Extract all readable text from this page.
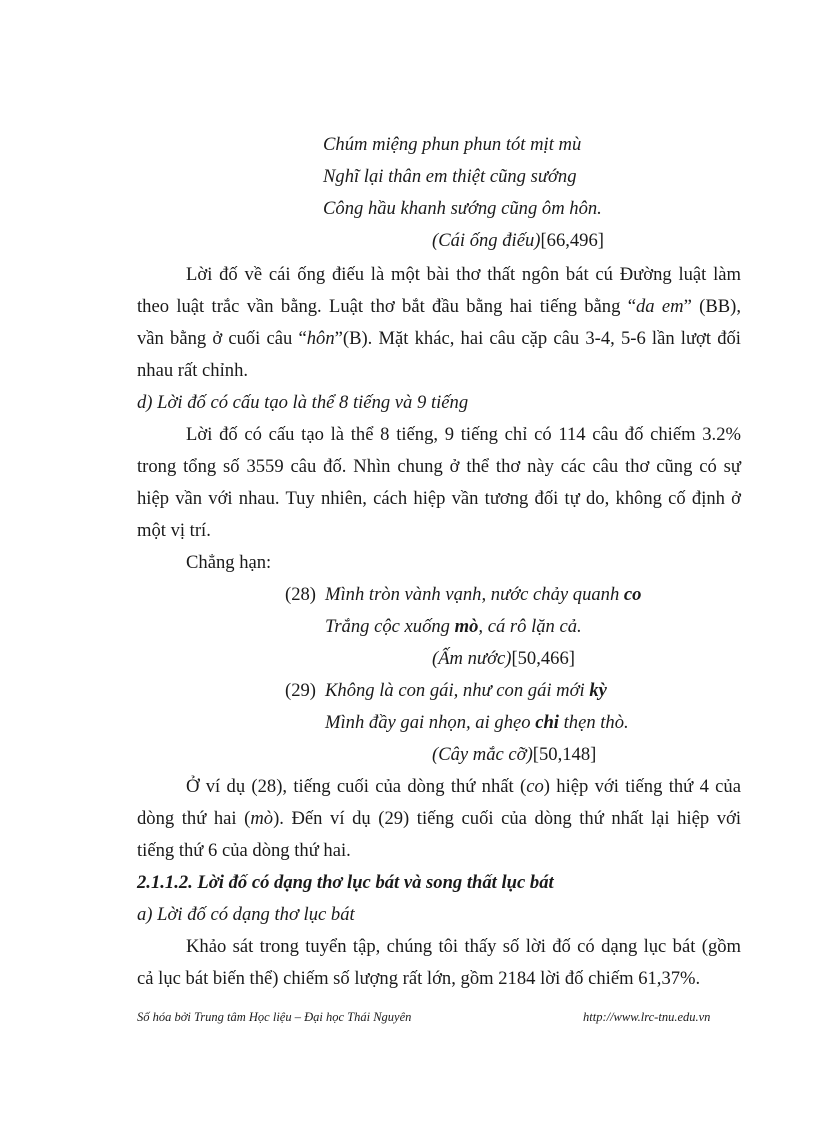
Chúm miệng phun phun tót mịt mù
Nghĩ lại thân em thiệt cũng sướng
Công hầu khanh sướng cũng ôm hôn.
(Cái ống điếu)[66,496]
Lời đố về cái ống điếu là một bài thơ thất ngôn bát cú Đường luật làm
theo luật trắc vần bằng. Luật thơ bắt đầu bằng hai tiếng bằng “da em” (BB),
vần bằng ở cuối câu “hôn”(B). Mặt khác, hai câu cặp câu 3-4, 5-6 lần lượt đối
nhau rất chỉnh.
d) Lời đố có cấu tạo là thể 8 tiếng và 9 tiếng
Lời đố có cấu tạo là thể 8 tiếng, 9 tiếng chỉ có 114 câu đố chiếm 3.2%
trong tổng số 3559 câu đố. Nhìn chung ở thể thơ này các câu thơ cũng có sự
hiệp vần với nhau. Tuy nhiên, cách hiệp vần tương đối tự do, không cố định ở
một vị trí.
Chẳng hạn:
(28) Mình tròn vành vạnh, nước chảy quanh co
Trắng cộc xuống mò, cá rô lặn cả.
(Ấm nước)[50,466]
(29) Không là con gái, như con gái mới kỳ
Mình đầy gai nhọn, ai ghẹo chi thẹn thò.
(Cây mắc cỡ)[50,148]
Ở ví dụ (28), tiếng cuối của dòng thứ nhất (co) hiệp với tiếng thứ 4 của
dòng thứ hai (mò). Đến ví dụ (29) tiếng cuối của dòng thứ nhất lại hiệp với
tiếng thứ 6 của dòng thứ hai.
2.1.1.2. Lời đố có dạng thơ lục bát và song thất lục bát
a) Lời đố có dạng thơ lục bát
Khảo sát trong tuyển tập, chúng tôi thấy số lời đố có dạng lục bát (gồm
cả lục bát biến thể) chiếm số lượng rất lớn, gồm 2184 lời đố chiếm 61,37%.
Số hóa bởi Trung tâm Học liệu – Đại học Thái Nguyên	http://www.lrc-tnu.edu.vn
